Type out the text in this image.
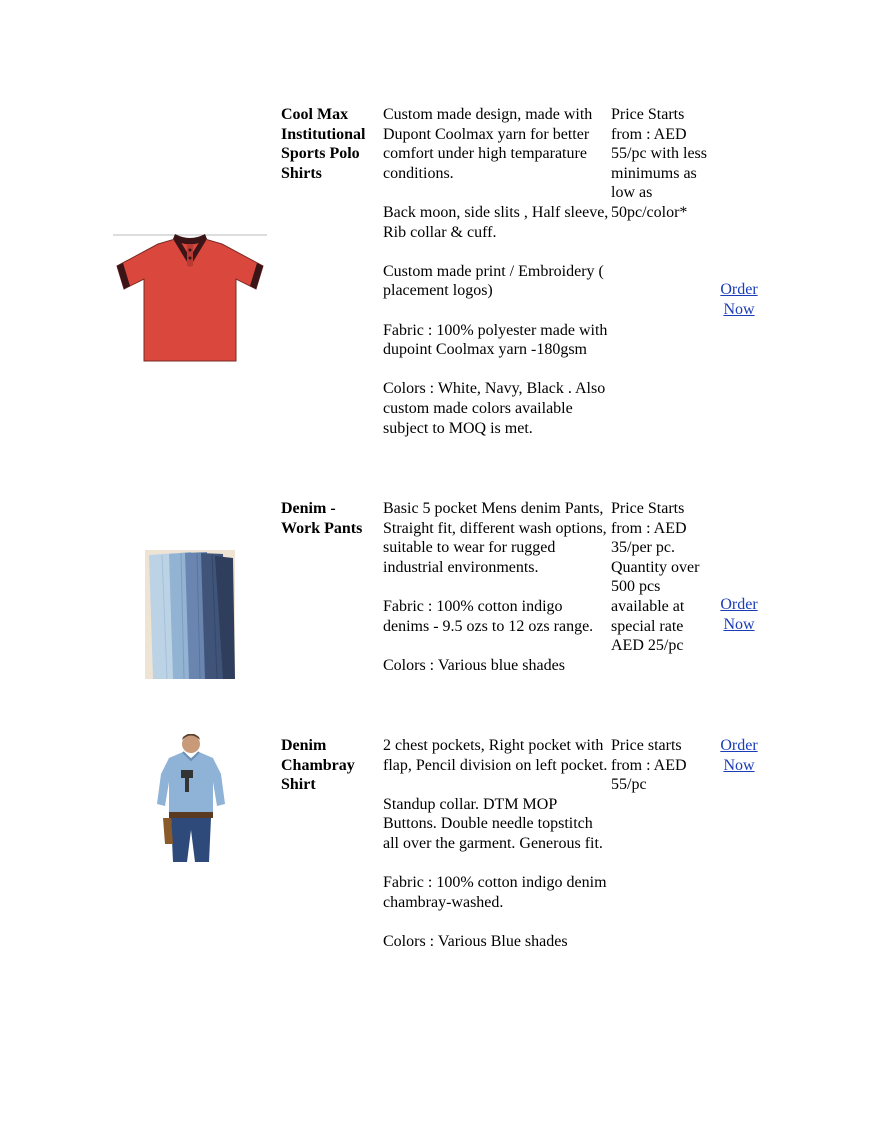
Cool Max Institutional Sports Polo Shirts

Custom made design, made with Dupont Coolmax yarn for better comfort under high temparature conditions.

Back moon, side slits , Half sleeve, Rib collar & cuff.

Custom made print / Embroidery ( placement logos)

Fabric : 100% polyester made with dupoint Coolmax yarn -180gsm

Colors : White, Navy, Black . Also custom made colors available subject to MOQ is met.

Price Starts from : AED 55/pc with less minimums as low as 50pc/color*
Order Now
Denim - Work Pants

Basic 5 pocket Mens denim Pants, Straight fit, different wash options, suitable to wear for rugged industrial environments.

Fabric : 100% cotton indigo denims - 9.5 ozs to 12 ozs range.

Colors : Various blue shades

Price Starts from : AED 35/per pc. Quantity over 500 pcs available at special rate AED 25/pc
Order Now
Denim Chambray Shirt

2 chest pockets, Right pocket with flap, Pencil division on left pocket.

Standup collar. DTM MOP Buttons. Double needle topstitch all over the garment. Generous fit.

Fabric : 100% cotton indigo denim chambray-washed.

Colors : Various Blue shades

Price starts from : AED 55/pc
Order Now
